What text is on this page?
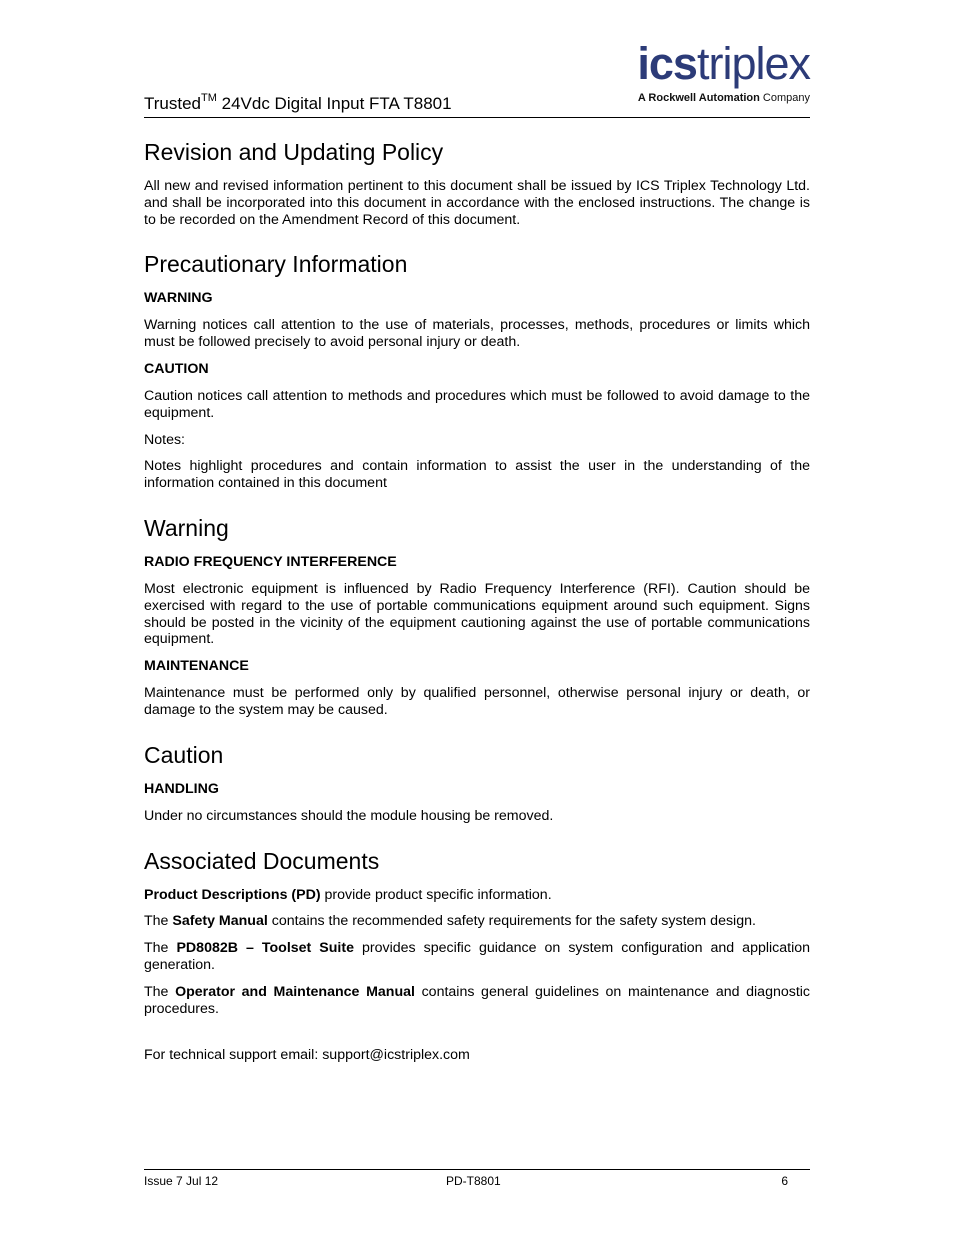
Trusted™ 24Vdc Digital Input FTA T8801
icstriplex
A Rockwell Automation Company
Revision and Updating Policy

All new and revised information pertinent to this document shall be issued by ICS Triplex Technology Ltd. and shall be incorporated into this document in accordance with the enclosed instructions. The change is to be recorded on the Amendment Record of this document.

Precautionary Information
WARNING

Warning notices call attention to the use of materials, processes, methods, procedures or limits which must be followed precisely to avoid personal injury or death.

CAUTION

Caution notices call attention to methods and procedures which must be followed to avoid damage to the equipment.

Notes:

Notes highlight procedures and contain information to assist the user in the understanding of the information contained in this document

Warning
RADIO FREQUENCY INTERFERENCE

Most electronic equipment is influenced by Radio Frequency Interference (RFI). Caution should be exercised with regard to the use of portable communications equipment around such equipment. Signs should be posted in the vicinity of the equipment cautioning against the use of portable communications equipment.

MAINTENANCE

Maintenance must be performed only by qualified personnel, otherwise personal injury or death, or damage to the system may be caused.

Caution
HANDLING

Under no circumstances should the module housing be removed.

Associated Documents

Product Descriptions (PD) provide product specific information.

The Safety Manual contains the recommended safety requirements for the safety system design.

The PD8082B – Toolset Suite provides specific guidance on system configuration and application generation.

The Operator and Maintenance Manual contains general guidelines on maintenance and diagnostic procedures.

For technical support email: support@icstriplex.com

Issue 7 Jul 12	PD-T8801	6
